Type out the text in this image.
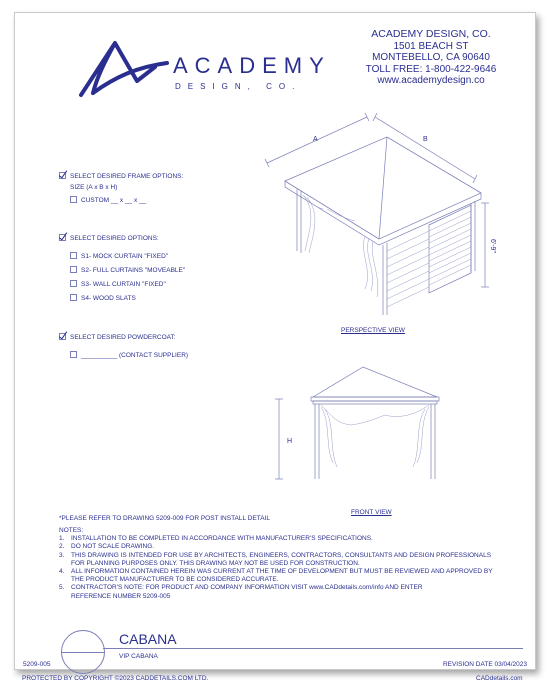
ACADEMY
DESIGN, CO.
ACADEMY DESIGN, CO.
1501 BEACH ST
MONTEBELLO, CA 90640
TOLL FREE: 1-800-422-9646
www.academydesign.co
SELECT DESIRED FRAME OPTIONS:
SIZE (A x B x H)
CUSTOM __ x __ x __
SELECT DESIRED OPTIONS:
S1- MOCK CURTAIN "FIXED"
S2- FULL CURTAINS "MOVEABLE"
S3- WALL CURTAIN "FIXED"
S4- WOOD SLATS
SELECT DESIRED POWDERCOAT:
__________ (CONTACT SUPPLIER)
A	B
6'-9"
PERSPECTIVE VIEW
H
FRONT VIEW
*PLEASE REFER TO DRAWING 5209-009 FOR POST INSTALL DETAIL
NOTES:
1.	INSTALLATION TO BE COMPLETED IN ACCORDANCE WITH MANUFACTURER'S SPECIFICATIONS.
2.	DO NOT SCALE DRAWING.
3.	THIS DRAWING IS INTENDED FOR USE BY ARCHITECTS, ENGINEERS, CONTRACTORS, CONSULTANTS AND DESIGN PROFESSIONALS
FOR PLANNING PURPOSES ONLY. THIS DRAWING MAY NOT BE USED FOR CONSTRUCTION.
4.	ALL INFORMATION CONTAINED HEREIN WAS CURRENT AT THE TIME OF DEVELOPMENT BUT MUST BE REVIEWED AND APPROVED BY
THE PRODUCT MANUFACTURER TO BE CONSIDERED ACCURATE.
5.	CONTRACTOR'S NOTE: FOR PRODUCT AND COMPANY INFORMATION VISIT www.CADdetails.com/info AND ENTER
REFERENCE NUMBER 5209-005
CABANA
VIP CABANA
5209-005	REVISION DATE 03/04/2023
PROTECTED BY COPYRIGHT ©2023 CADDETAILS.COM LTD.	CADdetails.com
